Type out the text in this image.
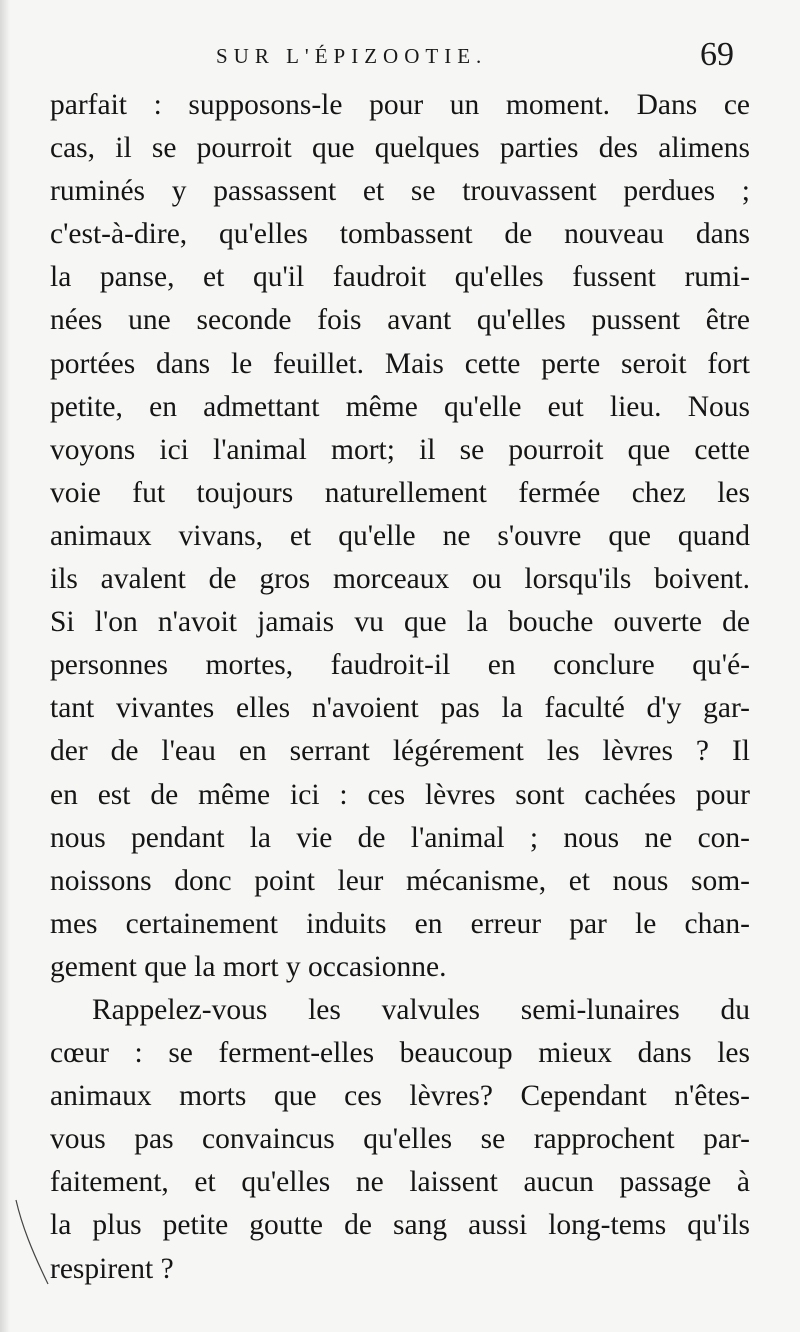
SUR L'ÉPIZOOTIE.	69
parfait : supposons-le pour un moment. Dans ce
cas, il se pourroit que quelques parties des alimens
ruminés y passassent et se trouvassent perdues ;
c'est-à-dire, qu'elles tombassent de nouveau dans
la panse, et qu'il faudroit qu'elles fussent rumi-
nées une seconde fois avant qu'elles pussent être
portées dans le feuillet. Mais cette perte seroit fort
petite, en admettant même qu'elle eut lieu. Nous
voyons ici l'animal mort; il se pourroit que cette
voie fut toujours naturellement fermée chez les
animaux vivans, et qu'elle ne s'ouvre que quand
ils avalent de gros morceaux ou lorsqu'ils boivent.
Si l'on n'avoit jamais vu que la bouche ouverte de
personnes mortes, faudroit-il en conclure qu'é-
tant vivantes elles n'avoient pas la faculté d'y gar-
der de l'eau en serrant légérement les lèvres ? Il
en est de même ici : ces lèvres sont cachées pour
nous pendant la vie de l'animal ; nous ne con-
noissons donc point leur mécanisme, et nous som-
mes certainement induits en erreur par le chan-
gement que la mort y occasionne.
Rappelez-vous les valvules semi-lunaires du
cœur : se ferment-elles beaucoup mieux dans les
animaux morts que ces lèvres? Cependant n'êtes-
vous pas convaincus qu'elles se rapprochent par-
faitement, et qu'elles ne laissent aucun passage à
la plus petite goutte de sang aussi long-tems qu'ils
respirent ?
